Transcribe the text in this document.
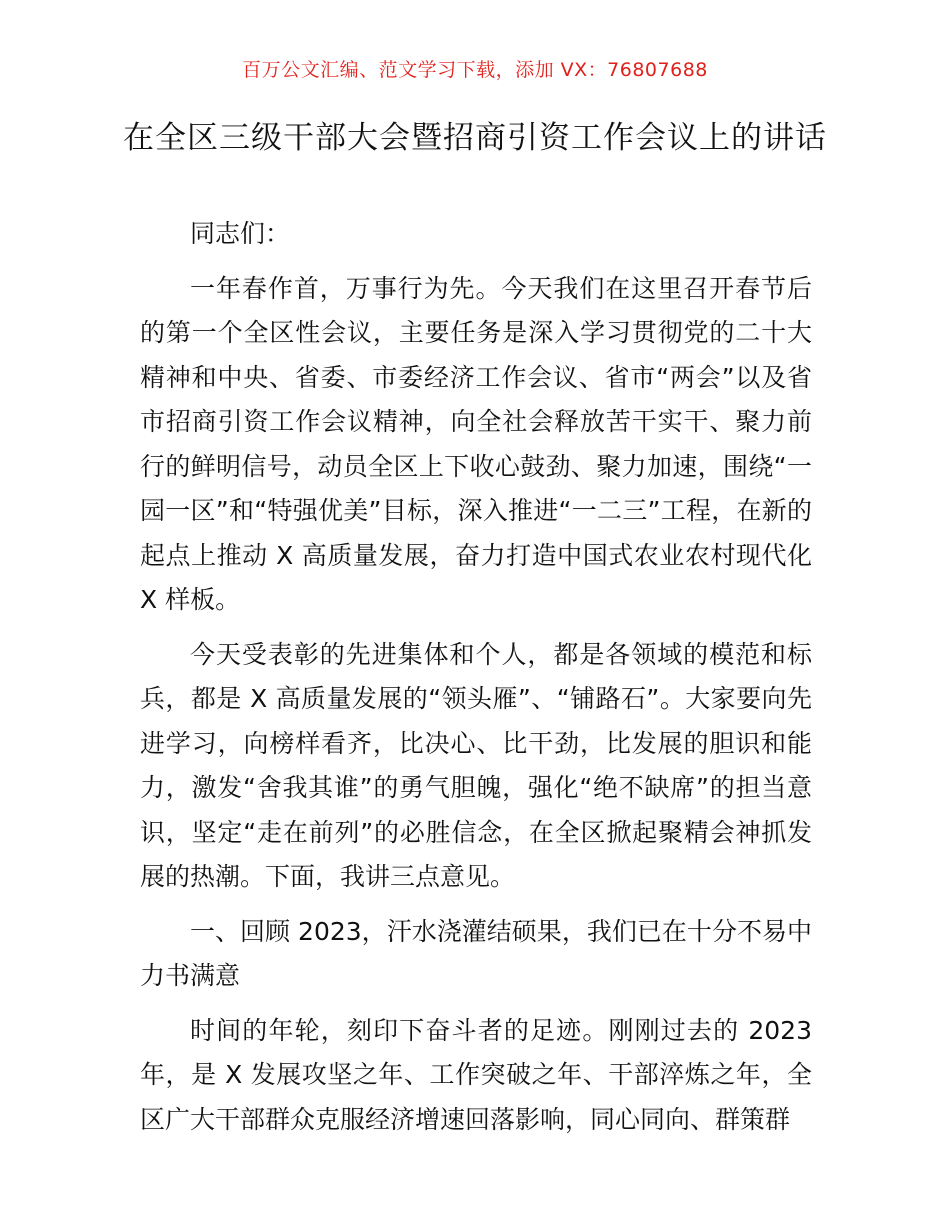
百万公文汇编、范文学习下载，添加 VX：76807688
在全区三级干部大会暨招商引资工作会议上的讲话

同志们：

一年春作首，万事行为先。今天我们在这里召开春节后的第一个全区性会议，主要任务是深入学习贯彻党的二十大精神和中央、省委、市委经济工作会议、省市“两会”以及省市招商引资工作会议精神，向全社会释放苦干实干、聚力前行的鲜明信号，动员全区上下收心鼓劲、聚力加速，围绕“一园一区”和“特强优美”目标，深入推进“一二三”工程，在新的起点上推动 X 高质量发展，奋力打造中国式农业农村现代化 X 样板。

今天受表彰的先进集体和个人，都是各领域的模范和标兵，都是 X 高质量发展的“领头雁”、“铺路石”。大家要向先进学习，向榜样看齐，比决心、比干劲，比发展的胆识和能力，激发“舍我其谁”的勇气胆魄，强化“绝不缺席”的担当意识，坚定“走在前列”的必胜信念，在全区掀起聚精会神抓发展的热潮。下面，我讲三点意见。

一、回顾 2023，汗水浇灌结硕果，我们已在十分不易中力书满意

时间的年轮，刻印下奋斗者的足迹。刚刚过去的 2023 年，是 X 发展攻坚之年、工作突破之年、干部淬炼之年，全区广大干部群众克服经济增速回落影响，同心同向、群策群
